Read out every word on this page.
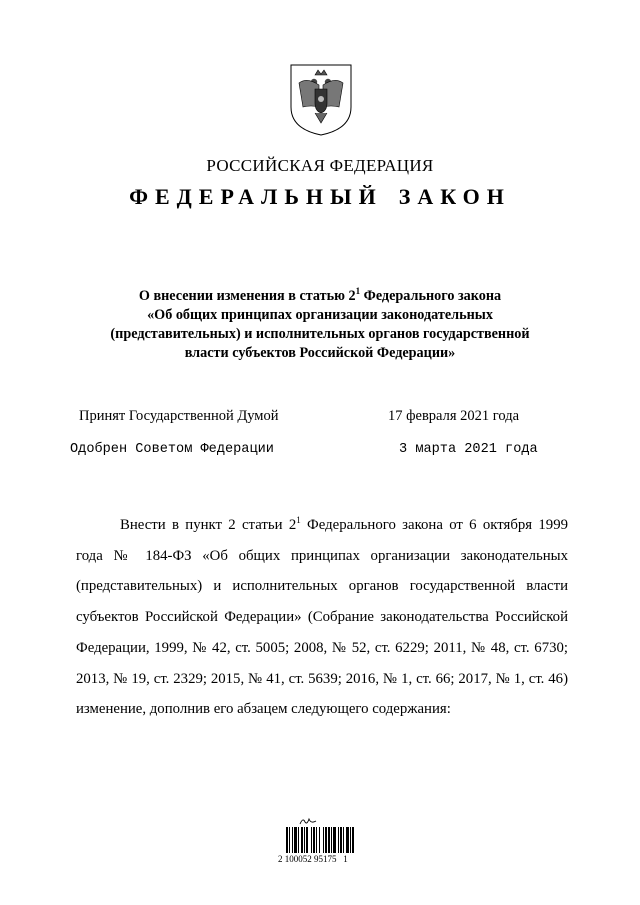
РОССИЙСКАЯ ФЕДЕРАЦИЯ
ФЕДЕРАЛЬНЫЙ ЗАКОН
О внесении изменения в статью $2^1$ Федерального закона
«Об общих принципах организации законодательных
(представительных) и исполнительных органов государственной
власти субъектов Российской Федерации»
Принят Государственной Думой	17 февраля 2021 года
Одобрен Советом Федерации	3 марта 2021 года
Внести в пункт 2 статьи $2^1$ Федерального закона от 6 октября 1999 года № 184-ФЗ «Об общих принципах организации законодательных (представительных) и исполнительных органов государственной власти субъектов Российской Федерации» (Собрание законодательства Российской Федерации, 1999, № 42, ст. 5005; 2008, № 52, ст. 6229; 2011, № 48, ст. 6730; 2013, № 19, ст. 2329; 2015, № 41, ст. 5639; 2016, № 1, ст. 66; 2017, № 1, ст. 46) изменение, дополнив его абзацем следующего содержания:
2 100052 95175   1
